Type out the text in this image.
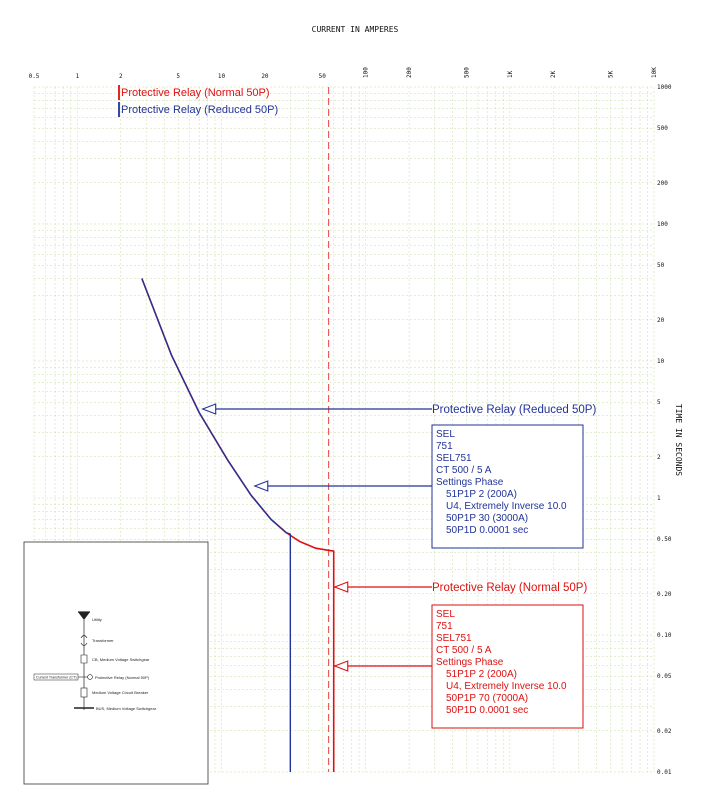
CURRENT IN AMPERES
TIME IN SECONDS
0.5	1	2	5	10	20	50	100	200	500	1K	2K	5K	10K
1000
500
200
100
50
20
10
5
2
1
0.50
0.20
0.10
0.05
0.02
0.01
Protective Relay (Normal 50P)
Protective Relay (Reduced 50P)
Protective Relay (Reduced 50P)
SEL
751
SEL751
CT 500 / 5 A
Settings Phase
51P1P 2 (200A)
U4, Extremely Inverse 10.0
50P1P 30 (3000A)
50P1D 0.0001 sec
Protective Relay (Normal 50P)
SEL
751
SEL751
CT 500 / 5 A
Settings Phase
51P1P 2 (200A)
U4, Extremely Inverse 10.0
50P1P 70 (7000A)
50P1D 0.0001 sec
Utility
Transformer
CB, Medium Voltage Switchgear
Protective Relay (Normal 50P)
Current Transformer (CT)
Medium Voltage Circuit Breaker
BUS, Medium Voltage Switchgear
